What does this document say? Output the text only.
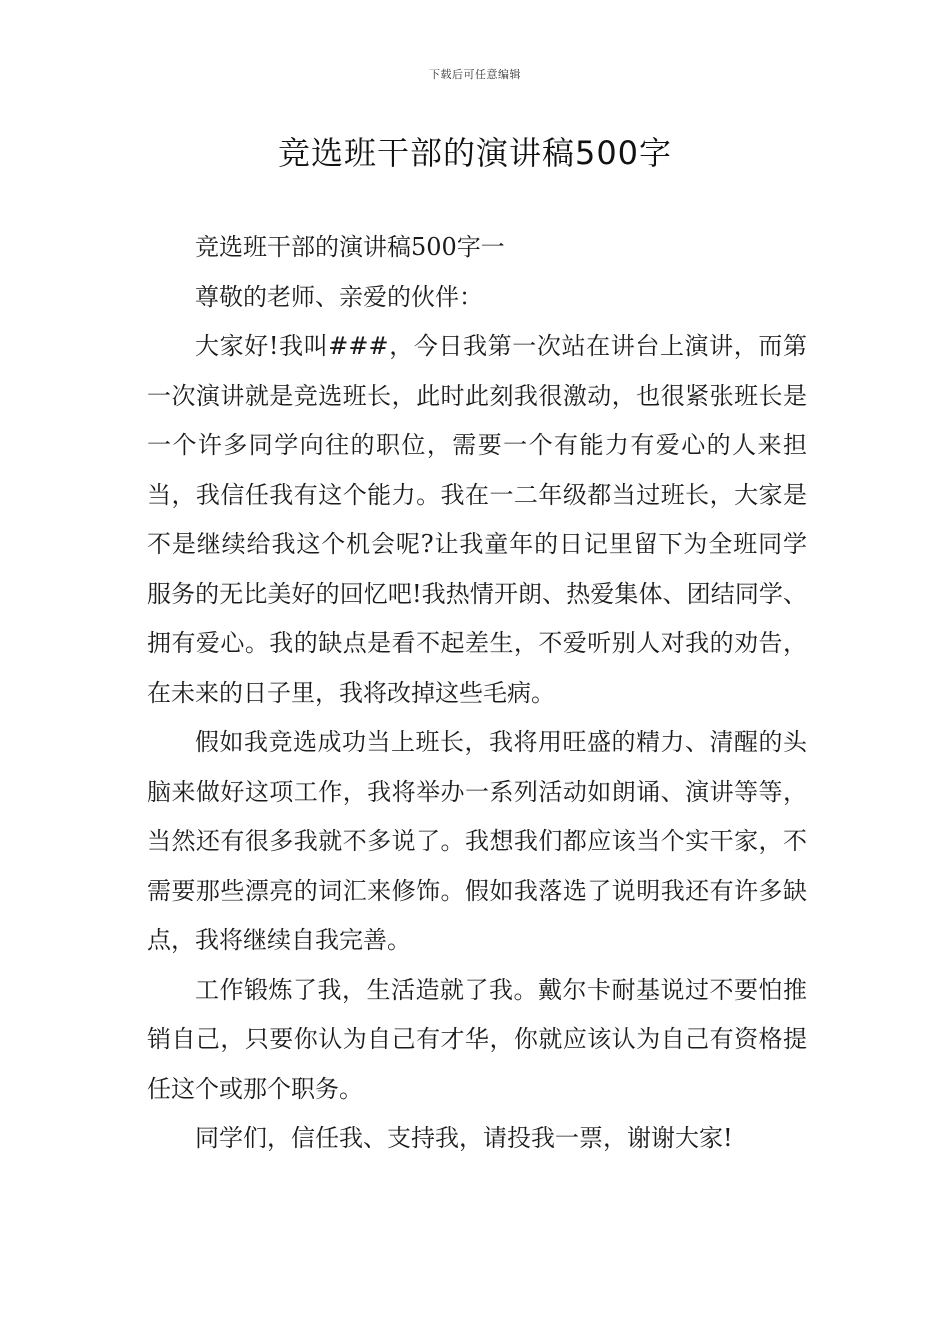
下载后可任意编辑
竞选班干部的演讲稿500字

竞选班干部的演讲稿500字一

尊敬的老师、亲爱的伙伴：

大家好!我叫###，今日我第一次站在讲台上演讲，而第一次演讲就是竞选班长，此时此刻我很激动，也很紧张班长是一个许多同学向往的职位，需要一个有能力有爱心的人来担当，我信任我有这个能力。我在一二年级都当过班长，大家是不是继续给我这个机会呢?让我童年的日记里留下为全班同学服务的无比美好的回忆吧!我热情开朗、热爱集体、团结同学、拥有爱心。我的缺点是看不起差生，不爱听别人对我的劝告，在未来的日子里，我将改掉这些毛病。

假如我竞选成功当上班长，我将用旺盛的精力、清醒的头脑来做好这项工作，我将举办一系列活动如朗诵、演讲等等，当然还有很多我就不多说了。我想我们都应该当个实干家，不需要那些漂亮的词汇来修饰。假如我落选了说明我还有许多缺点，我将继续自我完善。

工作锻炼了我，生活造就了我。戴尔卡耐基说过不要怕推销自己，只要你认为自己有才华，你就应该认为自己有资格提任这个或那个职务。

同学们，信任我、支持我，请投我一票，谢谢大家!
